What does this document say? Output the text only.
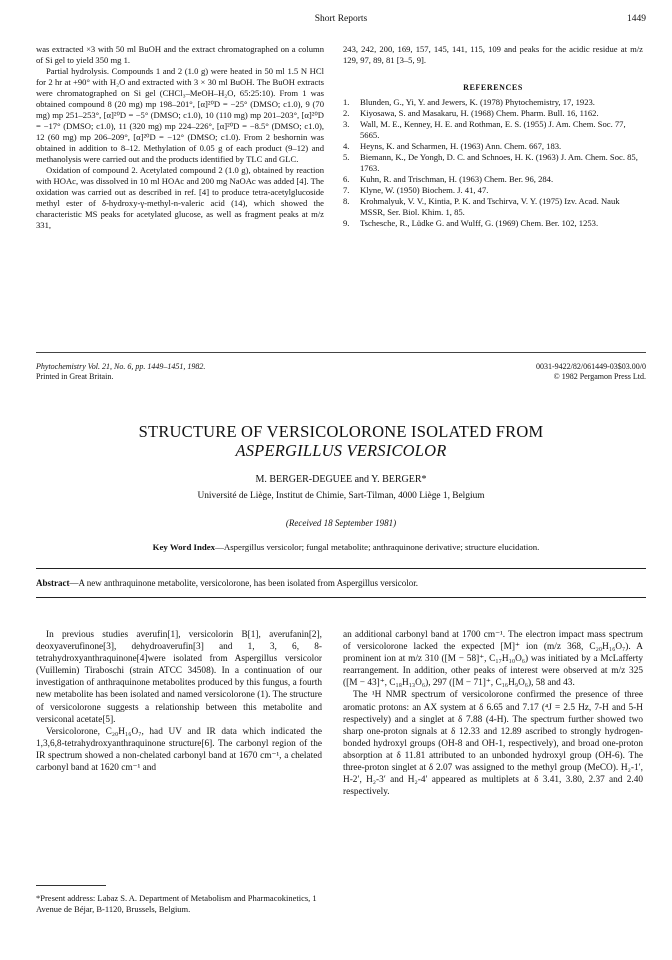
Short Reports	1449

was extracted ×3 with 50 ml BuOH and the extract chromatographed on a column of Si gel to yield 350 mg 1.

Partial hydrolysis. Compounds 1 and 2 (1.0 g) were heated in 50 ml 1.5 N HCl for 2 hr at +90° with H₂O and extracted with 3 × 30 ml BuOH. The BuOH extracts were chromatographed on Si gel (CHCl₃–MeOH–H₂O, 65:25:10). From 1 was obtained compound 8 (20 mg) mp 198–201°, [α]²⁰D = −25° (DMSO; c1.0), 9 (70 mg) mp 251–253°, [α]²⁰D = −5° (DMSO; c1.0), 10 (110 mg) mp 201–203°, [α]²⁰D = −17° (DMSO; c1.0), 11 (320 mg) mp 224–226°, [α]²⁰D = −8.5° (DMSO; c1.0), 12 (60 mg) mp 206–209°, [α]²⁰D = −12° (DMSO; c1.0). From 2 beshornin was obtained in addition to 8–12. Methylation of 0.05 g of each product (9–12) and methanolysis were carried out and the products identified by TLC and GLC.

Oxidation of compound 2. Acetylated compound 2 (1.0 g), obtained by reaction with HOAc, was dissolved in 10 ml HOAc and 200 mg NaOAc was added [4]. The oxidation was carried out as described in ref. [4] to produce tetra-acetylglucoside methyl ester of δ-hydroxy-γ-methyl-n-valeric acid (14), which showed the characteristic MS peaks for acetylated glucose, as well as fragment peaks at m/z 331,

243, 242, 200, 169, 157, 145, 141, 115, 109 and peaks for the acidic residue at m/z 129, 97, 89, 81 [3–5, 9].

REFERENCES
1. Blunden, G., Yi, Y. and Jewers, K. (1978) Phytochemistry, 17, 1923.
2. Kiyosawa, S. and Masakaru, H. (1968) Chem. Pharm. Bull. 16, 1162.
3. Wall, M. E., Kenney, H. E. and Rothman, E. S. (1955) J. Am. Chem. Soc. 77, 5665.
4. Heyns, K. and Scharmen, H. (1963) Ann. Chem. 667, 183.
5. Biemann, K., De Yongh, D. C. and Schnoes, H. K. (1963) J. Am. Chem. Soc. 85, 1763.
6. Kuhn, R. and Trischman, H. (1963) Chem. Ber. 96, 284.
7. Klyne, W. (1950) Biochem. J. 41, 47.
8. Krohmalyuk, V. V., Kintia, P. K. and Tschirva, V. Y. (1975) Izv. Acad. Nauk MSSR, Ser. Biol. Khim. 1, 85.
9. Tschesche, R., Lüdke G. and Wulff, G. (1969) Chem. Ber. 102, 1253.
Phytochemistry Vol. 21, No. 6, pp. 1449–1451, 1982.
Printed in Great Britain.
0031-9422/82/061449-03$03.00/0
© 1982 Pergamon Press Ltd.
STRUCTURE OF VERSICOLORONE ISOLATED FROM
ASPERGILLUS VERSICOLOR
M. BERGER-DEGUEE and Y. BERGER*
Université de Liège, Institut de Chimie, Sart-Tilman, 4000 Liège 1, Belgium
(Received 18 September 1981)
Key Word Index—Aspergillus versicolor; fungal metabolite; anthraquinone derivative; structure elucidation.
Abstract—A new anthraquinone metabolite, versicolorone, has been isolated from Aspergillus versicolor.

In previous studies averufin[1], versicolorin B[1], averufanin[2], deoxyaverufinone[3], dehydroaverufin[3] and 1, 3, 6, 8-tetrahydroxyanthraquinone[4]were isolated from Aspergillus versicolor (Vuillemin) Tiraboschi (strain ATCC 34508). In a continuation of our investigation of anthraquinone metabolites produced by this fungus, a fourth new metabolite has been isolated and named versicolorone (1). The structure of versicolorone suggests a relationship between this metabolite and versiconal acetate[5].

Versicolorone, C₂₀H₁₆O₇, had UV and IR data which indicated the 1,3,6,8-tetrahydroxyanthraquinone structure[6]. The carbonyl region of the IR spectrum showed a non-chelated carbonyl band at 1670 cm⁻¹, a chelated carbonyl band at 1620 cm⁻¹ and

*Present address: Labaz S. A. Department of Metabolism and Pharmacokinetics, 1 Avenue de Béjar, B-1120, Brussels, Belgium.

an additional carbonyl band at 1700 cm⁻¹. The electron impact mass spectrum of versicolorone lacked the expected [M]⁺ ion (m/z 368, C₂₀H₁₆O₇). A prominent ion at m/z 310 ([M − 58]⁺, C₁₇H₁₀O₆) was initiated by a McLafferty rearrangement. In addition, other peaks of interest were observed at m/z 325 ([M − 43]⁺, C₁₈H₁₃O₆), 297 ([M − 71]⁺, C₁₆H₉O₆), 58 and 43.

The ¹H NMR spectrum of versicolorone confirmed the presence of three aromatic protons: an AX system at δ 6.65 and 7.17 (⁴J = 2.5 Hz, 7-H and 5-H respectively) and a singlet at δ 7.88 (4-H). The spectrum further showed two sharp one-proton signals at δ 12.33 and 12.89 ascribed to strongly hydrogen-bonded hydroxyl groups (OH-8 and OH-1, respectively), and broad one-proton absorption at δ 11.81 attributed to an unbonded hydroxyl group (OH-6). The three-proton singlet at δ 2.07 was assigned to the methyl group (MeCO). H₂-1′, H-2′, H₂-3′ and H₂-4′ appeared as multiplets at δ 3.41, 3.80, 2.37 and 2.40 respectively.
